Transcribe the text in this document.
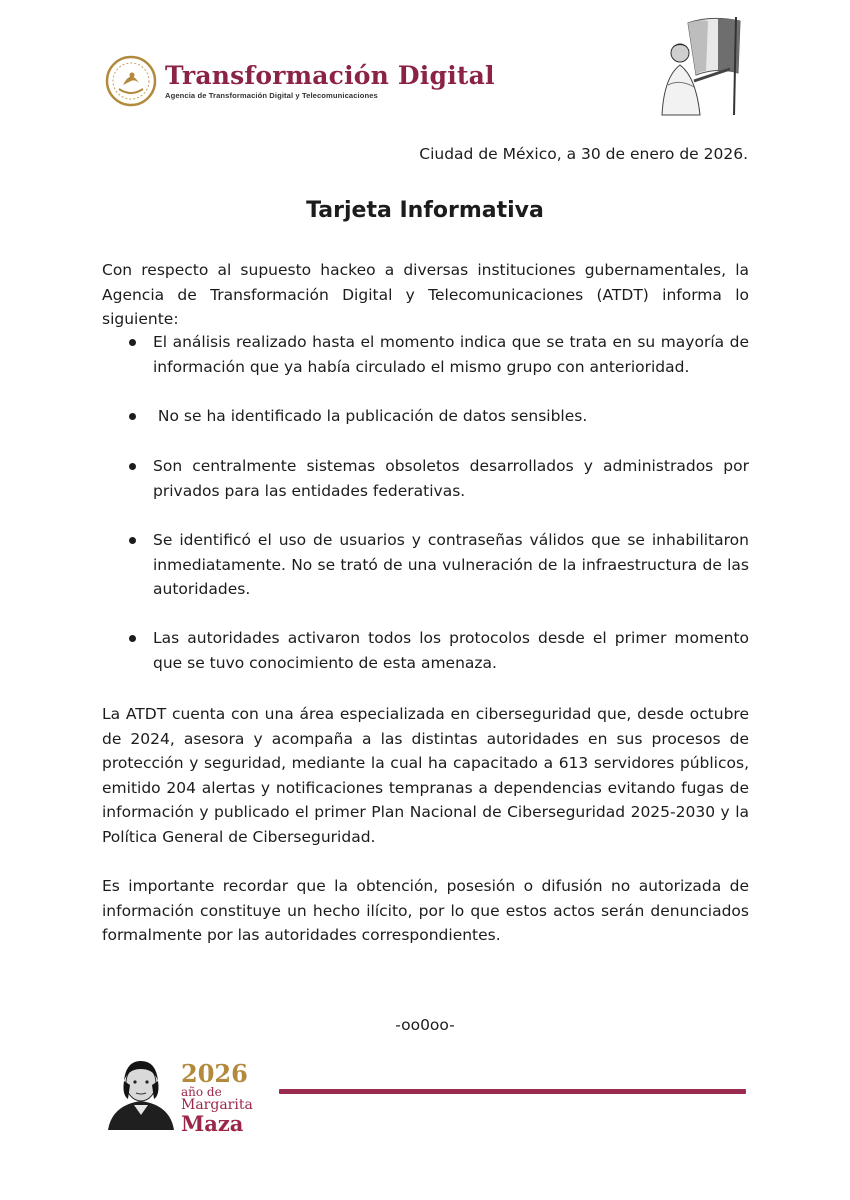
Transformación Digital
Agencia de Transformación Digital y Telecomunicaciones
Ciudad de México, a 30 de enero de 2026.
Tarjeta Informativa
Con respecto al supuesto hackeo a diversas instituciones gubernamentales, la Agencia de Transformación Digital y Telecomunicaciones (ATDT) informa lo siguiente:
El análisis realizado hasta el momento indica que se trata en su mayoría de información que ya había circulado el mismo grupo con anterioridad.
No se ha identificado la publicación de datos sensibles.
Son centralmente sistemas obsoletos desarrollados y administrados por privados para las entidades federativas.
Se identificó el uso de usuarios y contraseñas válidos que se inhabilitaron inmediatamente. No se trató de una vulneración de la infraestructura de las autoridades.
Las autoridades activaron todos los protocolos desde el primer momento que se tuvo conocimiento de esta amenaza.
La ATDT cuenta con una área especializada en ciberseguridad que, desde octubre de 2024, asesora y acompaña a las distintas autoridades en sus procesos de protección y seguridad, mediante la cual ha capacitado a 613 servidores públicos, emitido 204 alertas y notificaciones tempranas a dependencias evitando fugas de información y publicado el primer Plan Nacional de Ciberseguridad 2025-2030 y la Política General de Ciberseguridad.
Es importante recordar que la obtención, posesión o difusión no autorizada de información constituye un hecho ilícito, por lo que estos actos serán denunciados formalmente por las autoridades correspondientes.
-oo0oo-
2026
año de
Margarita
Maza
